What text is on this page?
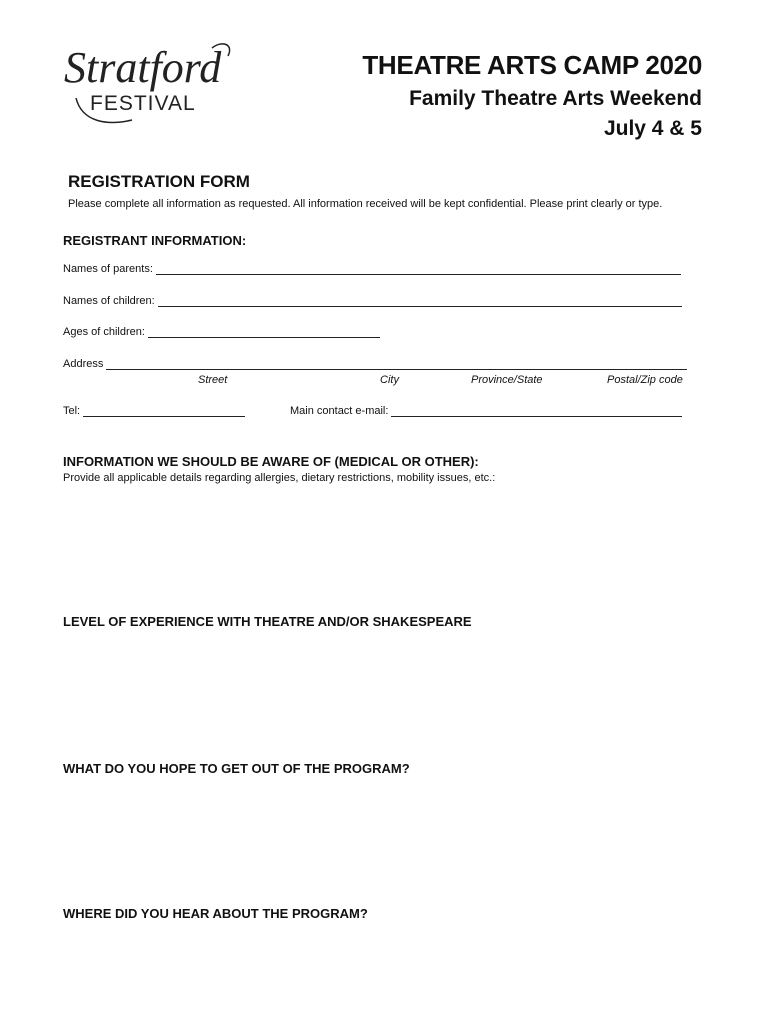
Stratford
FESTIVAL
THEATRE ARTS CAMP 2020
Family Theatre Arts Weekend
July 4 & 5
REGISTRATION FORM
Please complete all information as requested. All information received will be kept confidential. Please print clearly or type.
REGISTRANT INFORMATION:
Names of parents:
Names of children:
Ages of children:
Address
Street	City	Province/State	Postal/Zip code
Tel:	Main contact e-mail:
INFORMATION WE SHOULD BE AWARE OF (MEDICAL OR OTHER):
Provide all applicable details regarding allergies, dietary restrictions, mobility issues, etc.:
LEVEL OF EXPERIENCE WITH THEATRE AND/OR SHAKESPEARE
WHAT DO YOU HOPE TO GET OUT OF THE PROGRAM?
WHERE DID YOU HEAR ABOUT THE PROGRAM?
